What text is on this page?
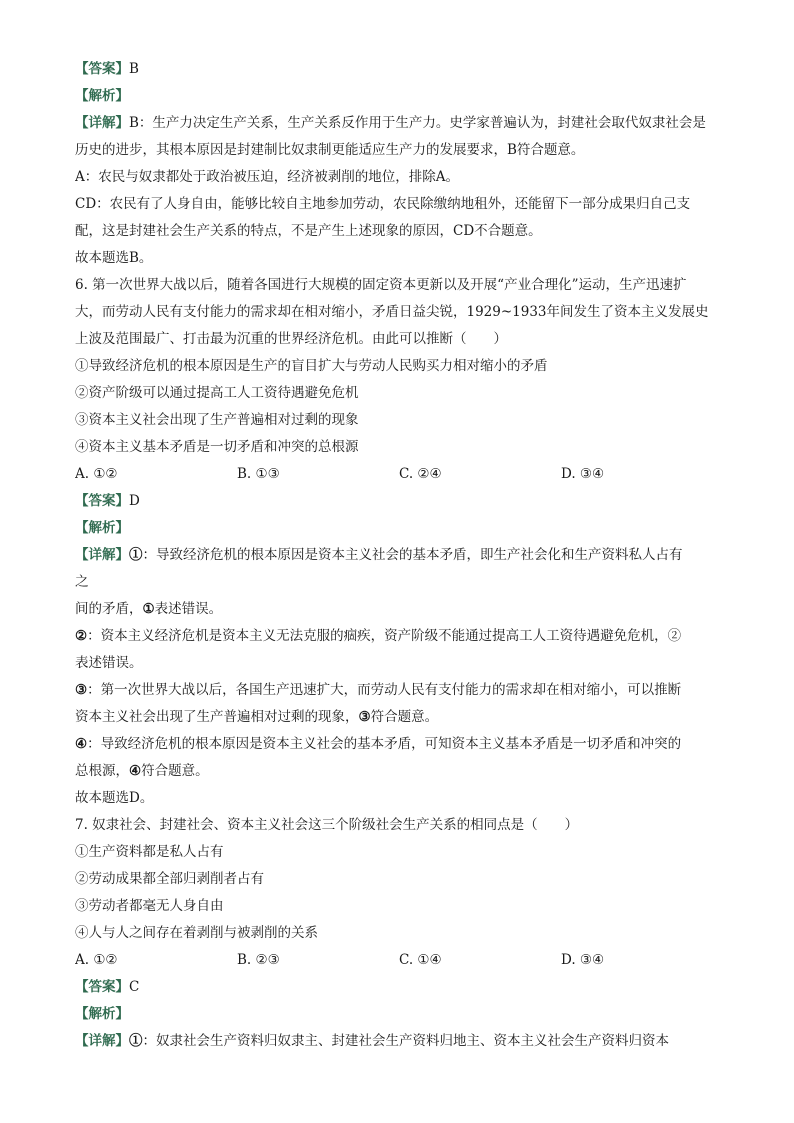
【答案】B
【解析】
【详解】B：生产力决定生产关系，生产关系反作用于生产力。史学家普遍认为，封建社会取代奴隶社会是
历史的进步，其根本原因是封建制比奴隶制更能适应生产力的发展要求，B符合题意。
A：农民与奴隶都处于政治被压迫，经济被剥削的地位，排除A。
CD：农民有了人身自由，能够比较自主地参加劳动，农民除缴纳地租外，还能留下一部分成果归自己支
配，这是封建社会生产关系的特点，不是产生上述现象的原因，CD不合题意。
故本题选B。
6. 第一次世界大战以后，随着各国进行大规模的固定资本更新以及开展“产业合理化”运动，生产迅速扩
大，而劳动人民有支付能力的需求却在相对缩小，矛盾日益尖锐，1929~1933年间发生了资本主义发展史
上波及范围最广、打击最为沉重的世界经济危机。由此可以推断（　　）
①导致经济危机的根本原因是生产的盲目扩大与劳动人民购买力相对缩小的矛盾
②资产阶级可以通过提高工人工资待遇避免危机
③资本主义社会出现了生产普遍相对过剩的现象
④资本主义基本矛盾是一切矛盾和冲突的总根源
A. ①②	B. ①③	C. ②④	D. ③④
【答案】D
【解析】
【详解】①：导致经济危机的根本原因是资本主义社会的基本矛盾，即生产社会化和生产资料私人占有
之
间的矛盾，①表述错误。
②：资本主义经济危机是资本主义无法克服的痼疾，资产阶级不能通过提高工人工资待遇避免危机，②
表述错误。
③：第一次世界大战以后，各国生产迅速扩大，而劳动人民有支付能力的需求却在相对缩小，可以推断
资本主义社会出现了生产普遍相对过剩的现象，③符合题意。
④：导致经济危机的根本原因是资本主义社会的基本矛盾，可知资本主义基本矛盾是一切矛盾和冲突的
总根源，④符合题意。
故本题选D。
7. 奴隶社会、封建社会、资本主义社会这三个阶级社会生产关系的相同点是（　　）
①生产资料都是私人占有
②劳动成果都全部归剥削者占有
③劳动者都毫无人身自由
④人与人之间存在着剥削与被剥削的关系
A. ①②	B. ②③	C. ①④	D. ③④
【答案】C
【解析】
【详解】①：奴隶社会生产资料归奴隶主、封建社会生产资料归地主、资本主义社会生产资料归资本
